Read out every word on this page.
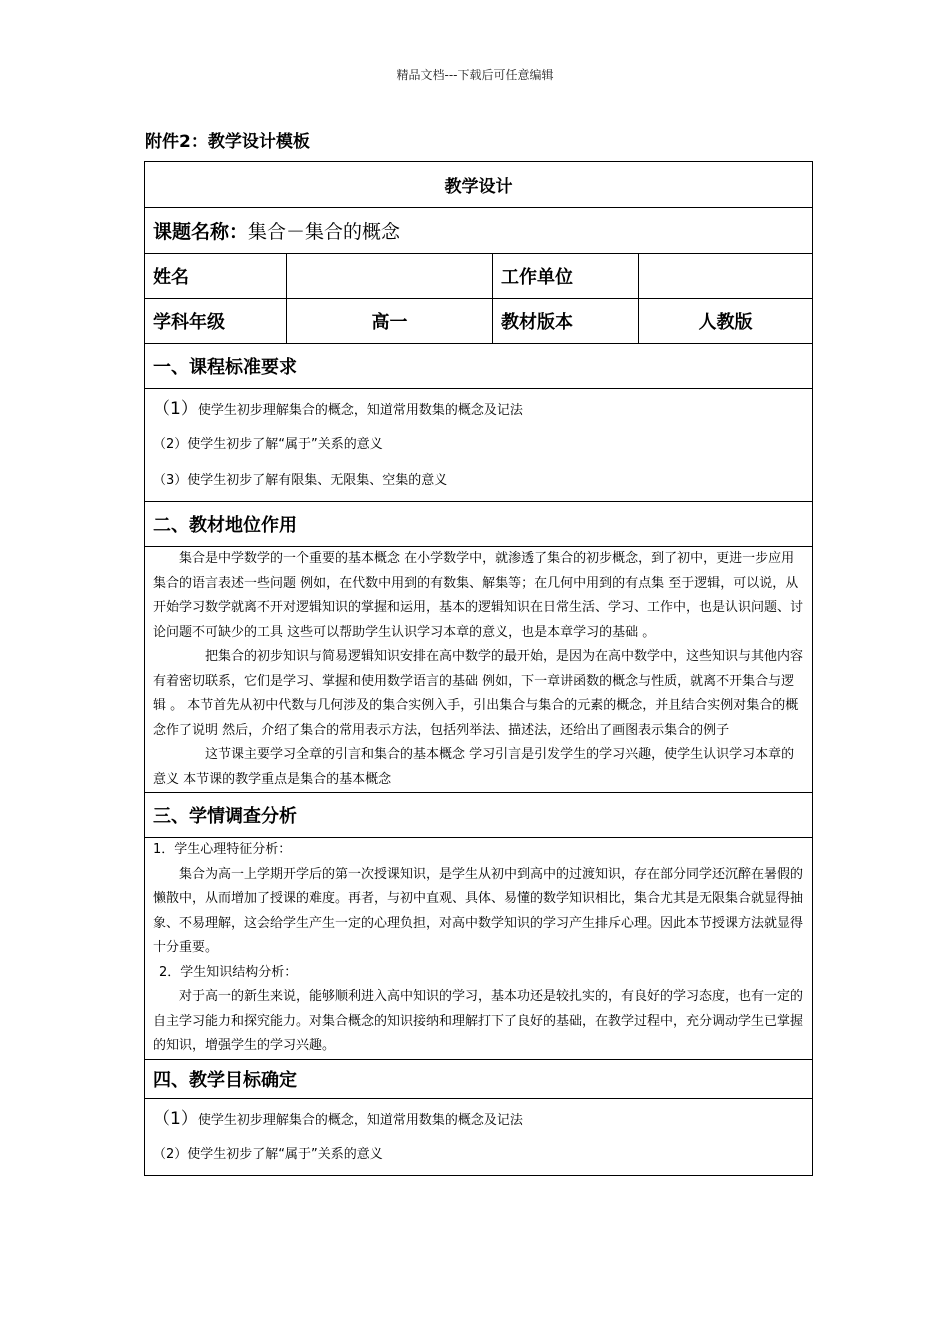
精品文档---下载后可任意编辑
附件2：教学设计模板
教学设计			
课题名称：集合－集合的概念			
姓名		工作单位	
学科年级	高一	教材版本	人教版
一、课程标准要求			

（1）使学生初步理解集合的概念，知道常用数集的概念及记法
（2）使学生初步了解“属于”关系的意义
（3）使学生初步了解有限集、无限集、空集的意义			

二、教材地位作用			

集合是中学数学的一个重要的基本概念 在小学数学中，就渗透了集合的初步概念，到了初中，更进一步应用集合的语言表述一些问题 例如，在代数中用到的有数集、解集等；在几何中用到的有点集 至于逻辑，可以说，从开始学习数学就离不开对逻辑知识的掌握和运用，基本的逻辑知识在日常生活、学习、工作中，也是认识问题、讨论问题不可缺少的工具 这些可以帮助学生认识学习本章的意义，也是本章学习的基础 。

把集合的初步知识与简易逻辑知识安排在高中数学的最开始，是因为在高中数学中，这些知识与其他内容有着密切联系，它们是学习、掌握和使用数学语言的基础 例如，下一章讲函数的概念与性质，就离不开集合与逻辑 。 本节首先从初中代数与几何涉及的集合实例入手，引出集合与集合的元素的概念，并且结合实例对集合的概念作了说明 然后，介绍了集合的常用表示方法，包括列举法、描述法，还给出了画图表示集合的例子

这节课主要学习全章的引言和集合的基本概念 学习引言是引发学生的学习兴趣，使学生认识学习本章的意义 本节课的教学重点是集合的基本概念			

三、学情调查分析			

1．学生心理特征分析：

集合为高一上学期开学后的第一次授课知识，是学生从初中到高中的过渡知识，存在部分同学还沉醉在暑假的懒散中，从而增加了授课的难度。再者，与初中直观、具体、易懂的数学知识相比，集合尤其是无限集合就显得抽象、不易理解，这会给学生产生一定的心理负担，对高中数学知识的学习产生排斥心理。因此本节授课方法就显得十分重要。

2．学生知识结构分析：

对于高一的新生来说，能够顺利进入高中知识的学习，基本功还是较扎实的，有良好的学习态度，也有一定的自主学习能力和探究能力。对集合概念的知识接纳和理解打下了良好的基础，在教学过程中，充分调动学生已掌握的知识，增强学生的学习兴趣。			

四、教学目标确定			

（1）使学生初步理解集合的概念，知道常用数集的概念及记法
（2）使学生初步了解“属于”关系的意义			
